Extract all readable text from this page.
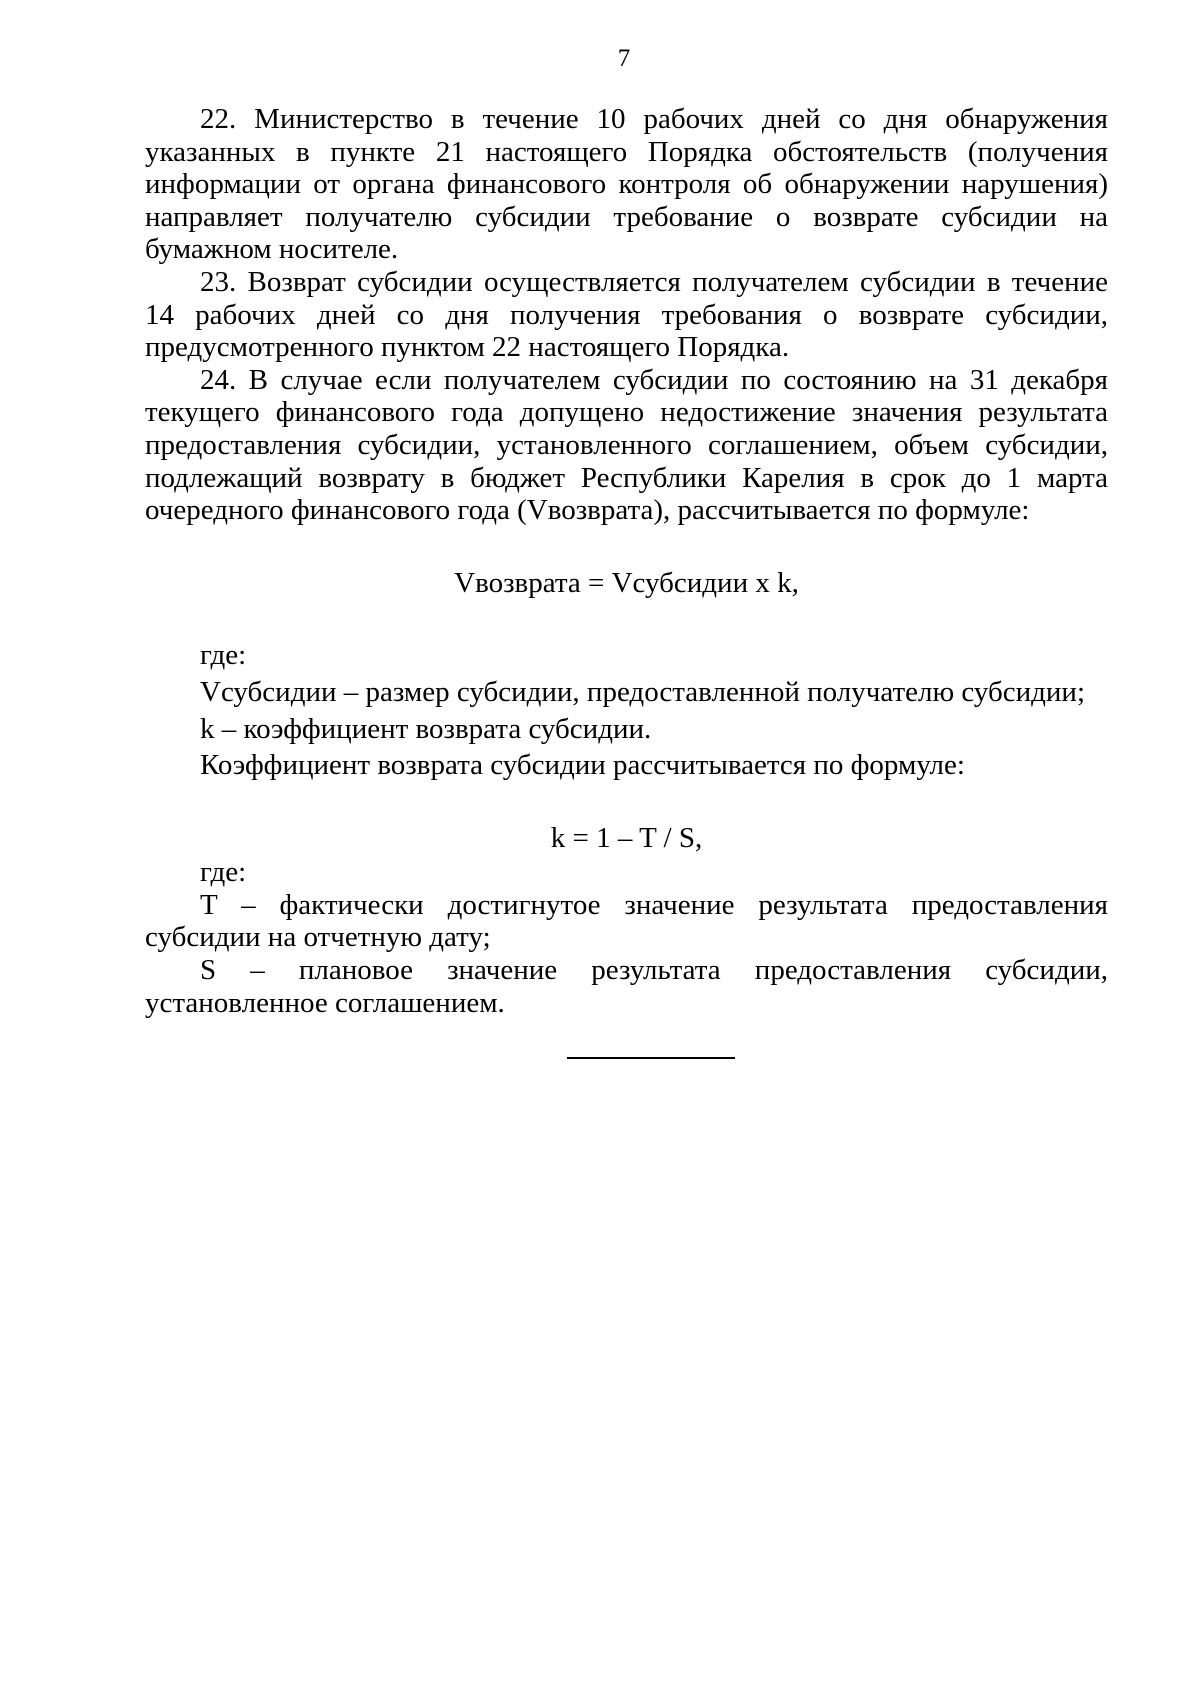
7

22. Министерство в течение 10 рабочих дней со дня обнаружения указанных в пункте 21 настоящего Порядка обстоятельств (получения информации от органа финансового контроля об обнаружении нарушения) направляет получателю субсидии требование о возврате субсидии на бумажном носителе.

23. Возврат субсидии осуществляется получателем субсидии в течение 14 рабочих дней со дня получения требования о возврате субсидии, предусмотренного пунктом 22 настоящего Порядка.

24. В случае если получателем субсидии по состоянию на 31 декабря текущего финансового года допущено недостижение значения результата предоставления субсидии, установленного соглашением, объем субсидии, подлежащий возврату в бюджет Республики Карелия в срок до 1 марта очередного финансового года (Vвозврата), рассчитывается по формуле:

Vвозврата = Vсубсидии x k,

где:

Vсубсидии – размер субсидии, предоставленной получателю субсидии;

k – коэффициент возврата субсидии.

Коэффициент возврата субсидии рассчитывается по формуле:

k = 1 – T / S,

где:

T – фактически достигнутое значение результата предоставления субсидии на отчетную дату;

S – плановое значение результата предоставления субсидии, установленное соглашением.
